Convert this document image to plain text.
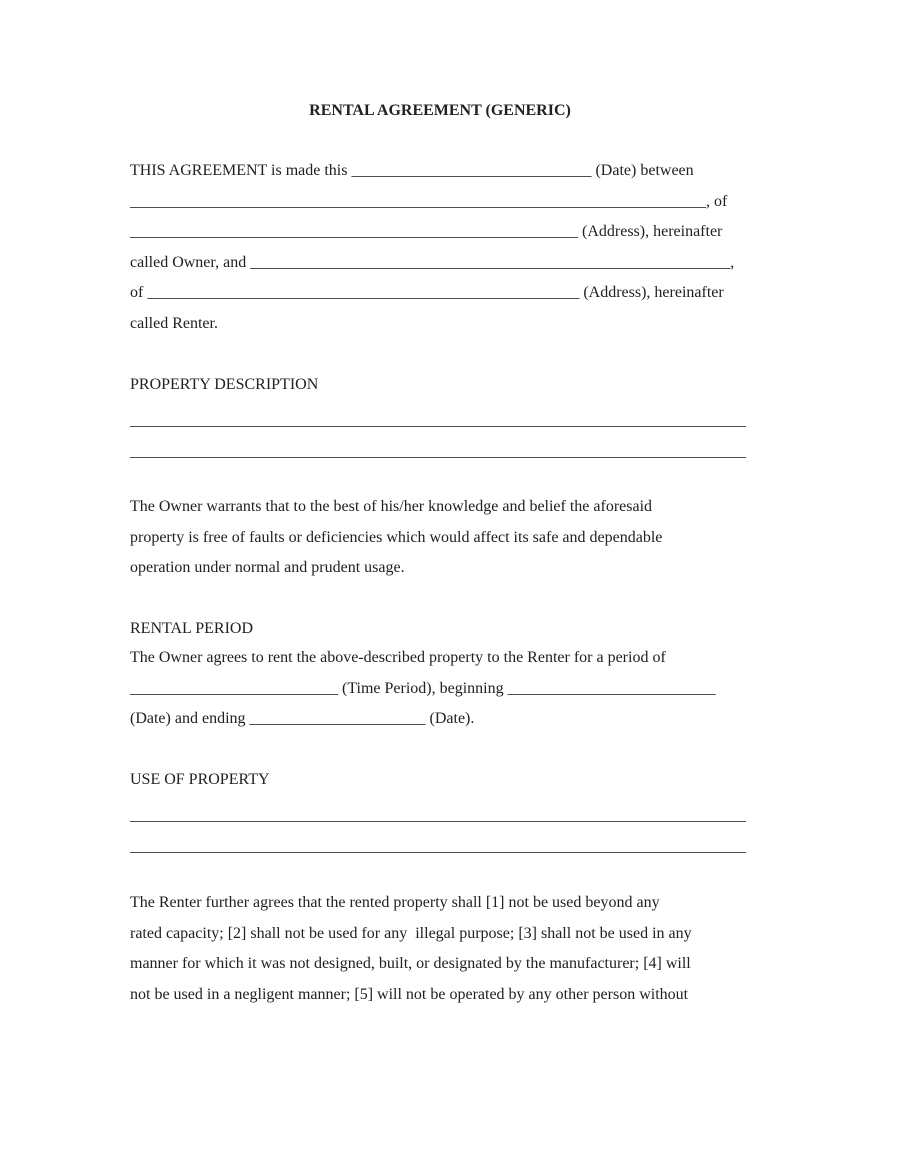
RENTAL AGREEMENT (GENERIC)
THIS AGREEMENT is made this ______________________________ (Date) between
________________________________________________________________________, of
________________________________________________________ (Address), hereinafter
called Owner, and ____________________________________________________________,
of ______________________________________________________ (Address), hereinafter
called Renter.
PROPERTY DESCRIPTION
_____________________________________________________________________________
_____________________________________________________________________________
The Owner warrants that to the best of his/her knowledge and belief the aforesaid
property is free of faults or deficiencies which would affect its safe and dependable
operation under normal and prudent usage.
RENTAL PERIOD
The Owner agrees to rent the above-described property to the Renter for a period of
__________________________ (Time Period), beginning __________________________
(Date) and ending ______________________ (Date).
USE OF PROPERTY
_____________________________________________________________________________
_____________________________________________________________________________
The Renter further agrees that the rented property shall [1] not be used beyond any
rated capacity; [2] shall not be used for any  illegal purpose; [3] shall not be used in any
manner for which it was not designed, built, or designated by the manufacturer; [4] will
not be used in a negligent manner; [5] will not be operated by any other person without
